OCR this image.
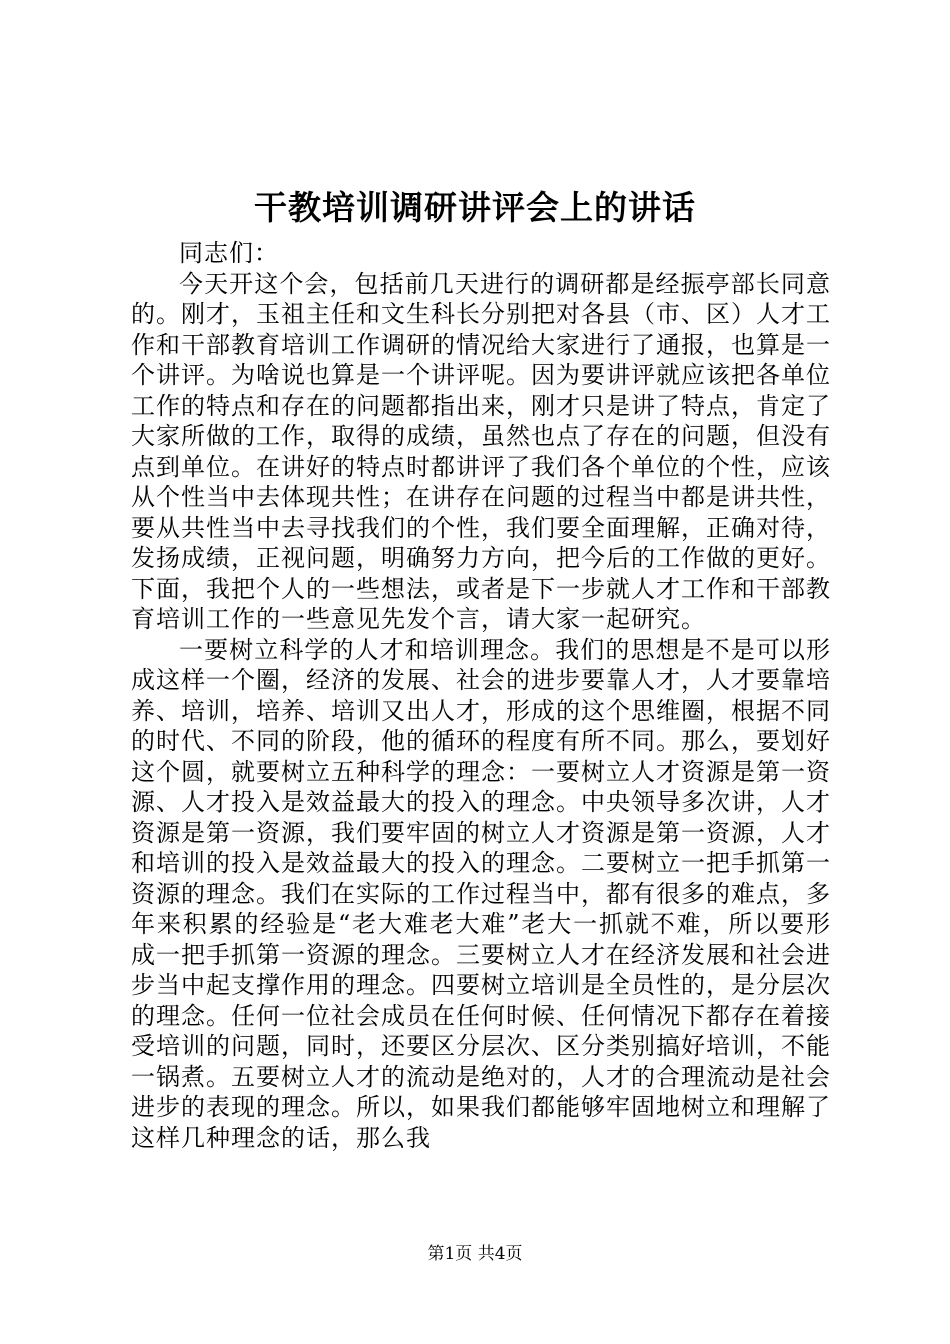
干教培训调研讲评会上的讲话

同志们：

今天开这个会，包括前几天进行的调研都是经振亭部长同意的。刚才，玉祖主任和文生科长分别把对各县（市、区）人才工作和干部教育培训工作调研的情况给大家进行了通报，也算是一个讲评。为啥说也算是一个讲评呢。因为要讲评就应该把各单位工作的特点和存在的问题都指出来，刚才只是讲了特点，肯定了大家所做的工作，取得的成绩，虽然也点了存在的问题，但没有点到单位。在讲好的特点时都讲评了我们各个单位的个性，应该从个性当中去体现共性；在讲存在问题的过程当中都是讲共性，要从共性当中去寻找我们的个性，我们要全面理解，正确对待，发扬成绩，正视问题，明确努力方向，把今后的工作做的更好。下面，我把个人的一些想法，或者是下一步就人才工作和干部教育培训工作的一些意见先发个言，请大家一起研究。

一要树立科学的人才和培训理念。我们的思想是不是可以形成这样一个圈，经济的发展、社会的进步要靠人才，人才要靠培养、培训，培养、培训又出人才，形成的这个思维圈，根据不同的时代、不同的阶段，他的循环的程度有所不同。那么，要划好这个圆，就要树立五种科学的理念：一要树立人才资源是第一资源、人才投入是效益最大的投入的理念。中央领导多次讲，人才资源是第一资源，我们要牢固的树立人才资源是第一资源，人才和培训的投入是效益最大的投入的理念。二要树立一把手抓第一资源的理念。我们在实际的工作过程当中，都有很多的难点，多年来积累的经验是“老大难老大难”老大一抓就不难，所以要形成一把手抓第一资源的理念。三要树立人才在经济发展和社会进步当中起支撑作用的理念。四要树立培训是全员性的，是分层次的理念。任何一位社会成员在任何时候、任何情况下都存在着接受培训的问题，同时，还要区分层次、区分类别搞好培训，不能一锅煮。五要树立人才的流动是绝对的，人才的合理流动是社会进步的表现的理念。所以，如果我们都能够牢固地树立和理解了这样几种理念的话，那么我

第1页 共4页
